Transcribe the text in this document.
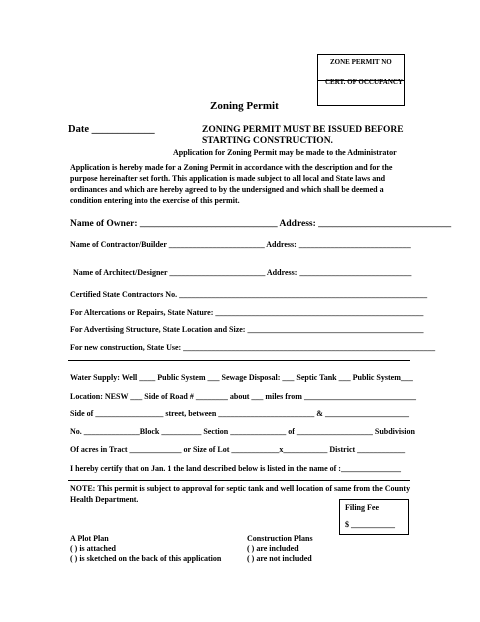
ZONE PERMIT NO
CERT. OF OCCUPANCY
Zoning Permit
Date ____________	ZONING PERMIT MUST BE ISSUED BEFORE
STARTING CONSTRUCTION.
Application for Zoning Permit may be made to the Administrator
Application is hereby made for a Zoning Permit in accordance with the description and for the
purpose hereinafter set forth. This application is made subject to all local and State laws and
ordinances and which are hereby agreed to by the undersigned and which shall be deemed a
condition entering into the exercise of this permit.
Name of Owner: _____________________________ Address: ____________________________
Name of Contractor/Builder ________________________ Address: ____________________________
Name of Architect/Designer ________________________ Address: ____________________________
Certified State Contractors No. ______________________________________________________________
For Altercations or Repairs, State Nature: ____________________________________________________
For Advertising Structure, State Location and Size: ____________________________________________
For new construction, State Use: _______________________________________________________________
Water Supply: Well ____ Public System ___ Sewage Disposal: ___ Septic Tank ___ Public System___
Location: NESW ___ Side of Road # ________ about ___ miles from ____________________________
Side of _________________ street, between ________________________ & _____________________
No. ______________Block __________ Section ______________ of ___________________ Subdivision
Of acres in Tract _____________ or Size of Lot ____________x___________ District ____________
I hereby certify that on Jan. 1 the land described below is listed in the name of :_______________
NOTE: This permit is subject to approval for septic tank and well location of same from the County
Health Department.
Filing Fee
$ ___________
A Plot Plan
( ) is attached
( ) is sketched on the back of this application
Construction Plans
( ) are included
( ) are not included
